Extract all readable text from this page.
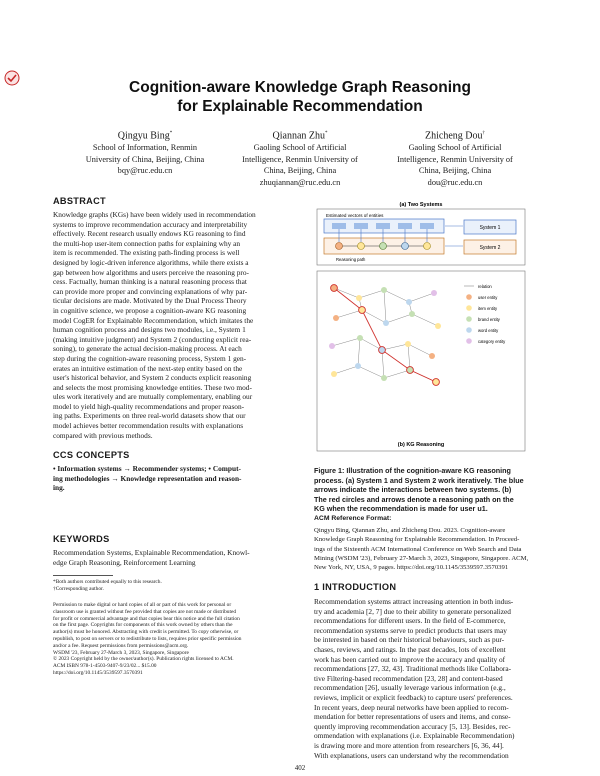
Cognition-aware Knowledge Graph Reasoning
for Explainable Recommendation
Qingyu Bing*
School of Information, Renmin
University of China, Beijing, China
bqy@ruc.edu.cn
Qiannan Zhu*
Gaoling School of Artificial
Intelligence, Renmin University of
China, Beijing, China
zhuqiannan@ruc.edu.cn
Zhicheng Dou†
Gaoling School of Artificial
Intelligence, Renmin University of
China, Beijing, China
dou@ruc.edu.cn
ABSTRACT
Knowledge graphs (KGs) have been widely used in recommendation
systems to improve recommendation accuracy and interpretability
effectively. Recent research usually endows KG reasoning to find
the multi-hop user-item connection paths for explaining why an
item is recommended. The existing path-finding process is well
designed by logic-driven inference algorithms, while there exists a
gap between how algorithms and users perceive the reasoning pro-
cess. Factually, human thinking is a natural reasoning process that
can provide more proper and convincing explanations of why par-
ticular decisions are made. Motivated by the Dual Process Theory
in cognitive science, we propose a cognition-aware KG reasoning
model CogER for Explainable Recommendation, which imitates the
human cognition process and designs two modules, i.e., System 1
(making intuitive judgment) and System 2 (conducting explicit rea-
soning), to generate the actual decision-making process. At each
step during the cognition-aware reasoning process, System 1 gen-
erates an intuitive estimation of the next-step entity based on the
user's historical behavior, and System 2 conducts explicit reasoning
and selects the most promising knowledge entities. These two mod-
ules work iteratively and are mutually complementary, enabling our
model to yield high-quality recommendations and proper reason-
ing paths. Experiments on three real-world datasets show that our
model achieves better recommendation results with explanations
compared with previous methods.
CCS CONCEPTS
• Information systems → Recommender systems; • Comput-
ing methodologies → Knowledge representation and reason-
ing.
KEYWORDS
Recommendation Systems, Explainable Recommendation, Knowl-
edge Graph Reasoning, Reinforcement Learning
*Both authors contributed equally to this research.
†Corresponding author.
Permission to make digital or hard copies of all or part of this work for personal or
classroom use is granted without fee provided that copies are not made or distributed
for profit or commercial advantage and that copies bear this notice and the full citation
on the first page. Copyrights for components of this work owned by others than the
author(s) must be honored. Abstracting with credit is permitted. To copy otherwise, or
republish, to post on servers or to redistribute to lists, requires prior specific permission
and/or a fee. Request permissions from permissions@acm.org.
WSDM '23, February 27-March 3, 2023, Singapore, Singapore
© 2023 Copyright held by the owner/author(s). Publication rights licensed to ACM.
ACM ISBN 978-1-4503-9407-9/23/02... $15.00
https://doi.org/10.1145/3539597.3570391
(a) Two Systems
Estimated vectors of entities
Reasoning path
System 1
System 2
relation
user entity
item entity
brand entity
word entity
category entity
(b) KG Reasoning
Figure 1: Illustration of the cognition-aware KG reasoning
process. (a) System 1 and System 2 work iteratively. The blue
arrows indicate the interactions between two systems. (b)
The red circles and arrows denote a reasoning path on the
KG when the recommendation is made for user u1.
ACM Reference Format:
Qingyu Bing, Qiannan Zhu, and Zhicheng Dou. 2023. Cognition-aware
Knowledge Graph Reasoning for Explainable Recommendation. In Proceed-
ings of the Sixteenth ACM International Conference on Web Search and Data
Mining (WSDM '23), February 27-March 3, 2023, Singapore, Singapore. ACM,
New York, NY, USA, 9 pages. https://doi.org/10.1145/3539597.3570391
1 INTRODUCTION
Recommendation systems attract increasing attention in both indus-
try and academia [2, 7] due to their ability to generate personalized
recommendations for different users. In the field of E-commerce,
recommendation systems serve to predict products that users may
be interested in based on their historical behaviours, such as pur-
chases, reviews, and ratings. In the past decades, lots of excellent
work has been carried out to improve the accuracy and quality of
recommendations [27, 32, 43]. Traditional methods like Collabora-
tive Filtering-based recommendation [23, 28] and content-based
recommendation [26], usually leverage various information (e.g.,
reviews, implicit or explicit feedback) to capture users' preferences.
In recent years, deep neural networks have been applied to recom-
mendation for better representations of users and items, and conse-
quently improving recommendation accuracy [5, 13]. Besides, rec-
ommendation with explanations (i.e. Explainable Recommendation)
is drawing more and more attention from researchers [6, 36, 44].
With explanations, users can understand why the recommendation
402
